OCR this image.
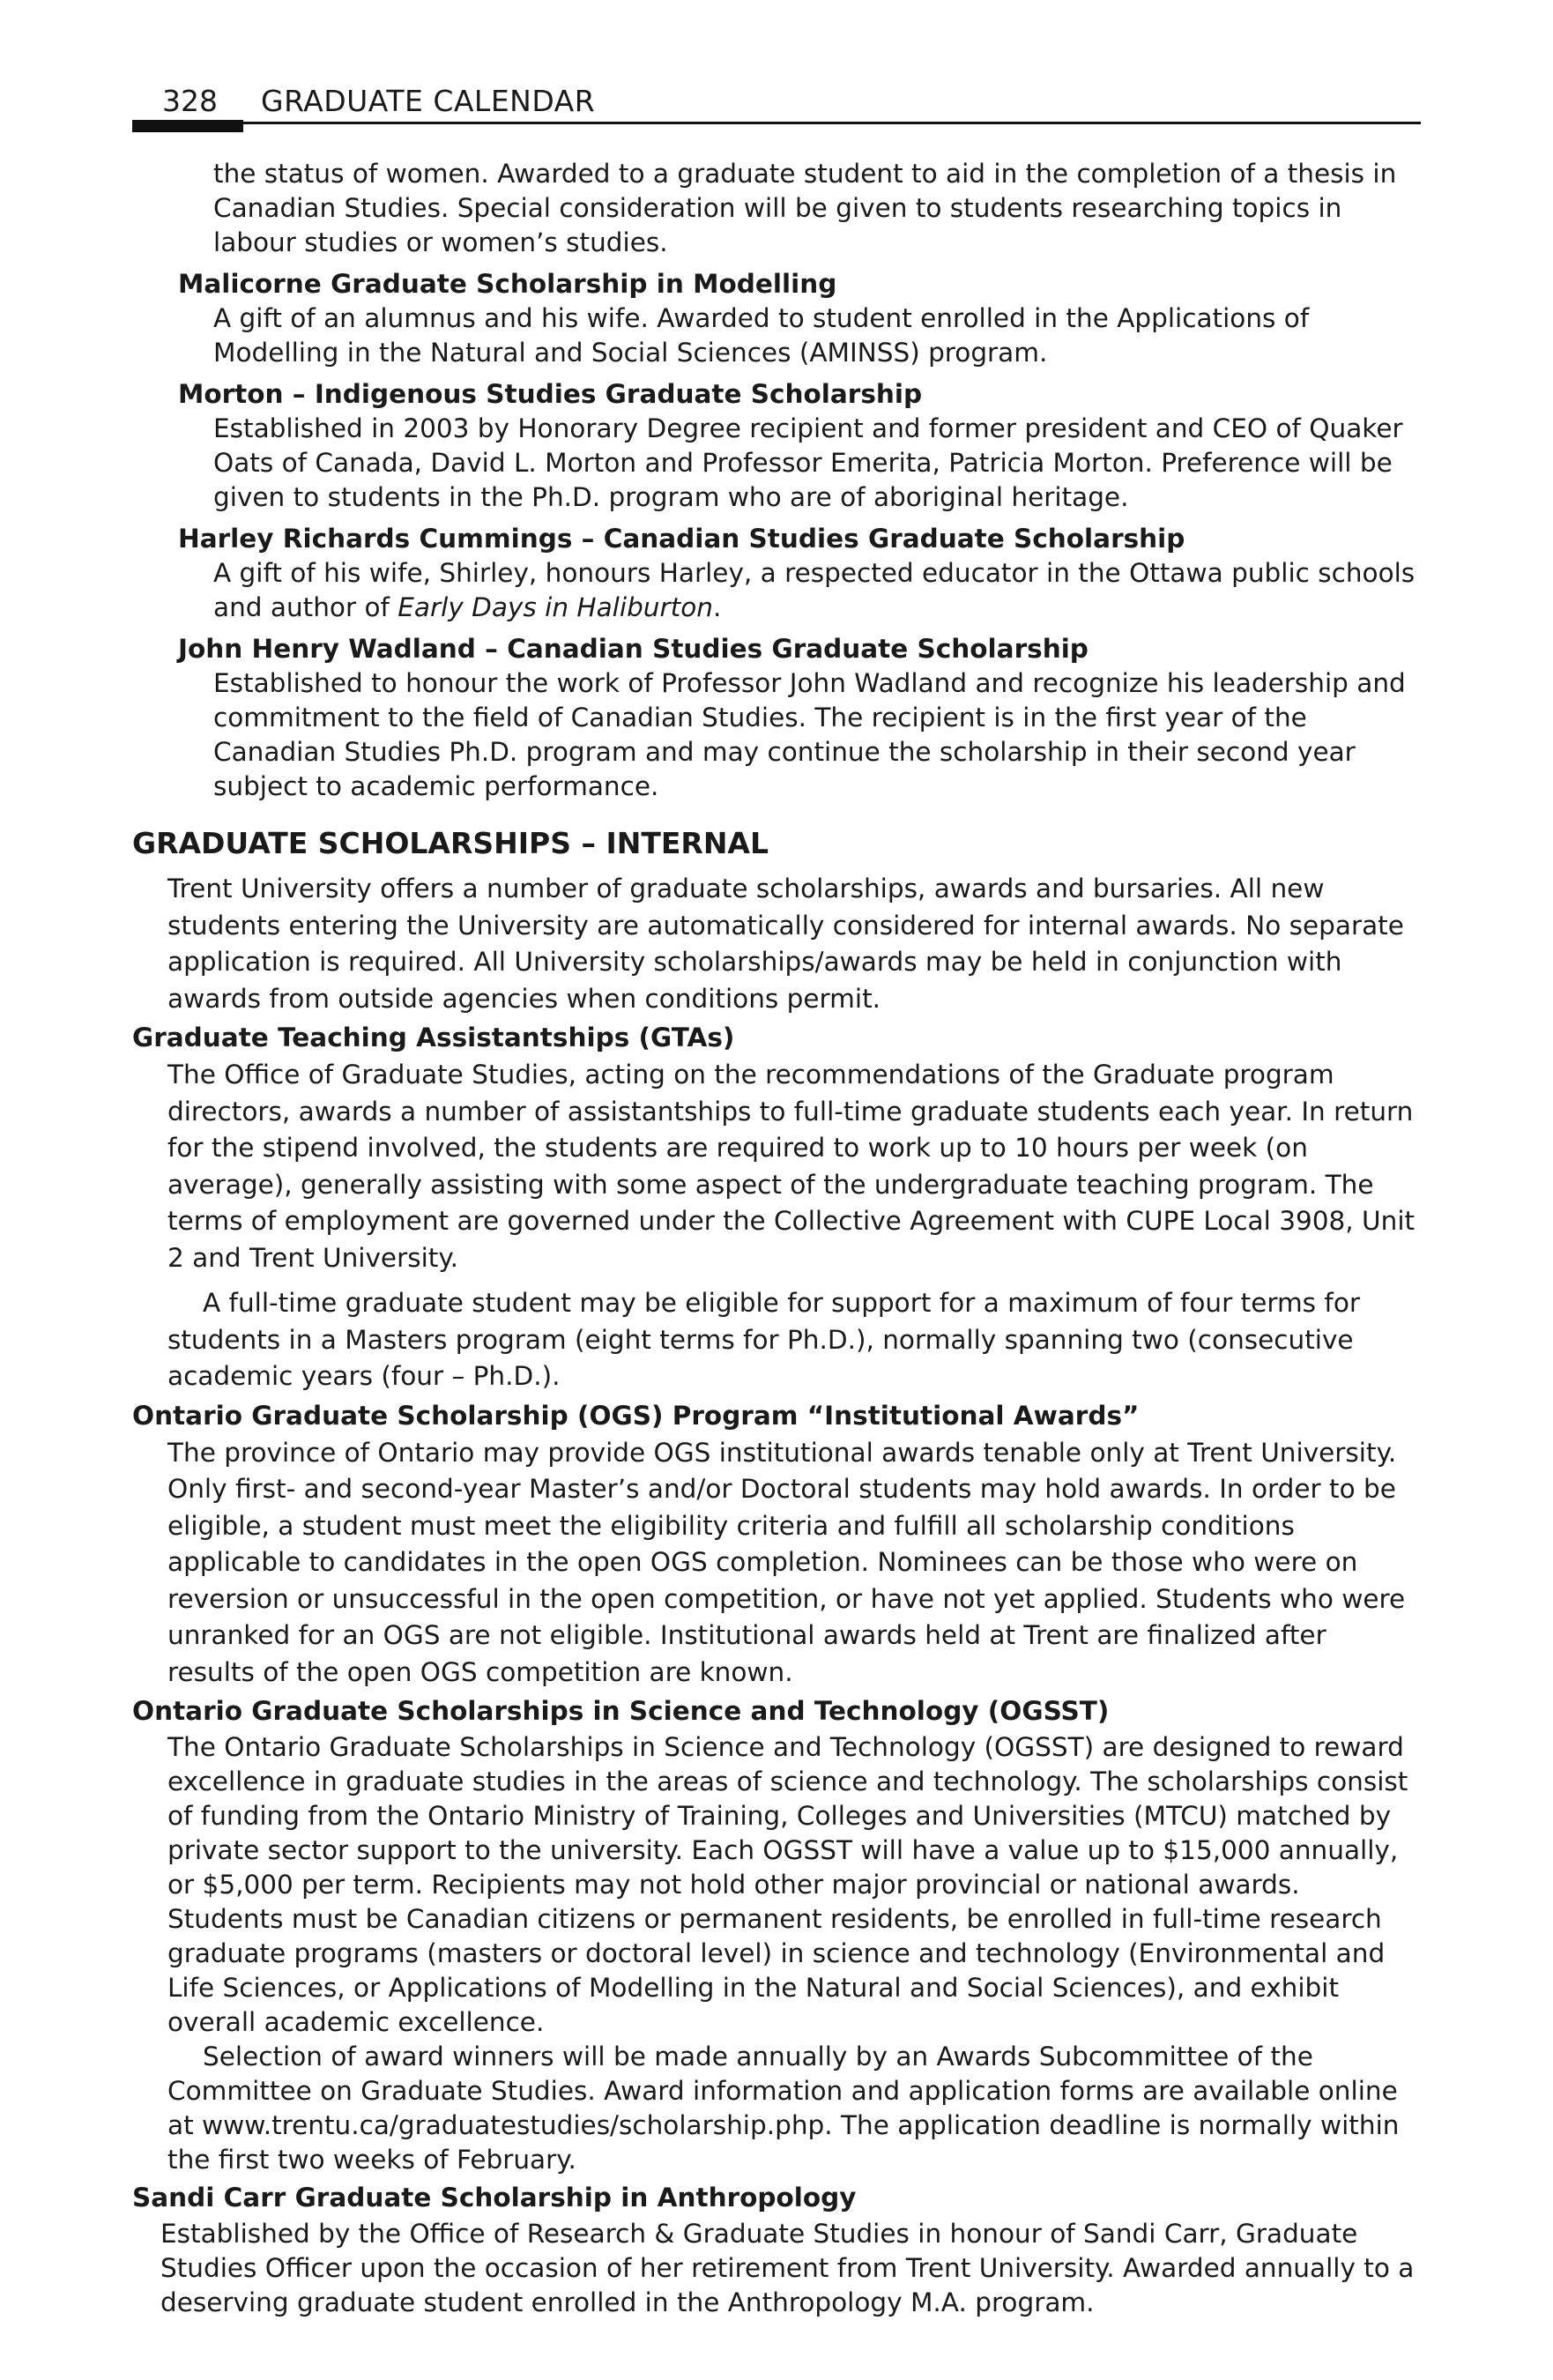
328 GRADUATE CALENDAR

the status of women. Awarded to a graduate student to aid in the completion of a thesis in Canadian Studies. Special consideration will be given to students researching topics in labour studies or women’s studies.

Malicorne Graduate Scholarship in Modelling

A gift of an alumnus and his wife. Awarded to student enrolled in the Applications of Modelling in the Natural and Social Sciences (AMINSS) program.

Morton – Indigenous Studies Graduate Scholarship

Established in 2003 by Honorary Degree recipient and former president and CEO of Quaker Oats of Canada, David L. Morton and Professor Emerita, Patricia Morton. Preference will be given to students in the Ph.D. program who are of aboriginal heritage.

Harley Richards Cummings – Canadian Studies Graduate Scholarship

A gift of his wife, Shirley, honours Harley, a respected educator in the Ottawa public schools and author of Early Days in Haliburton.

John Henry Wadland – Canadian Studies Graduate Scholarship

Established to honour the work of Professor John Wadland and recognize his leadership and commitment to the field of Canadian Studies. The recipient is in the first year of the Canadian Studies Ph.D. program and may continue the scholarship in their second year subject to academic performance.

GRADUATE SCHOLARSHIPS – INTERNAL

Trent University offers a number of graduate scholarships, awards and bursaries. All new students entering the University are automatically considered for internal awards. No separate application is required. All University scholarships/awards may be held in conjunction with awards from outside agencies when conditions permit.

Graduate Teaching Assistantships (GTAs)

The Office of Graduate Studies, acting on the recommendations of the Graduate program directors, awards a number of assistantships to full-time graduate students each year. In return for the stipend involved, the students are required to work up to 10 hours per week (on average), generally assisting with some aspect of the undergraduate teaching program. The terms of employment are governed under the Collective Agreement with CUPE Local 3908, Unit 2 and Trent University.

A full-time graduate student may be eligible for support for a maximum of four terms for students in a Masters program (eight terms for Ph.D.), normally spanning two (consecutive academic years (four – Ph.D.).

Ontario Graduate Scholarship (OGS) Program “Institutional Awards”

The province of Ontario may provide OGS institutional awards tenable only at Trent University. Only first- and second-year Master’s and/or Doctoral students may hold awards. In order to be eligible, a student must meet the eligibility criteria and fulfill all scholarship conditions applicable to candidates in the open OGS completion. Nominees can be those who were on reversion or unsuccessful in the open competition, or have not yet applied. Students who were unranked for an OGS are not eligible. Institutional awards held at Trent are finalized after results of the open OGS competition are known.

Ontario Graduate Scholarships in Science and Technology (OGSST)

The Ontario Graduate Scholarships in Science and Technology (OGSST) are designed to reward excellence in graduate studies in the areas of science and technology. The scholarships consist of funding from the Ontario Ministry of Training, Colleges and Universities (MTCU) matched by private sector support to the university. Each OGSST will have a value up to $15,000 annually, or $5,000 per term. Recipients may not hold other major provincial or national awards. Students must be Canadian citizens or permanent residents, be enrolled in full-time research graduate programs (masters or doctoral level) in science and technology (Environmental and Life Sciences, or Applications of Modelling in the Natural and Social Sciences), and exhibit overall academic excellence.

Selection of award winners will be made annually by an Awards Subcommittee of the Committee on Graduate Studies. Award information and application forms are available online at www.trentu.ca/graduatestudies/scholarship.php. The application deadline is normally within the first two weeks of February.

Sandi Carr Graduate Scholarship in Anthropology

Established by the Office of Research & Graduate Studies in honour of Sandi Carr, Graduate Studies Officer upon the occasion of her retirement from Trent University. Awarded annually to a deserving graduate student enrolled in the Anthropology M.A. program.
